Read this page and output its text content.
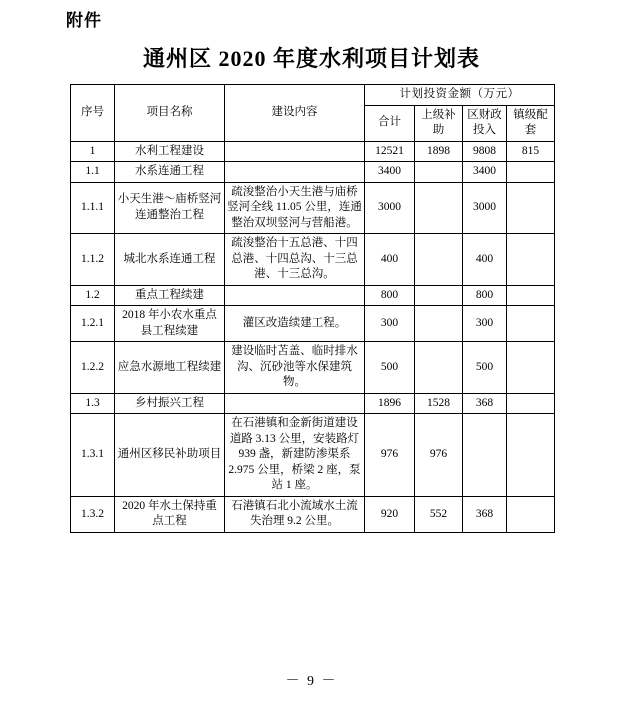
附件
通州区 2020 年度水利项目计划表
序号	项目名称	建设内容	计划投资金额（万元）			
			合计	上级补助	区财政投入	镇级配套
1	水利工程建设		12521	1898	9808	815
1.1	水系连通工程		3400		3400	
1.1.1	小天生港～庙桥竖河连通整治工程	疏浚整治小天生港与庙桥竖河全线 11.05 公里，连通整治双坝竖河与营船港。	3000		3000	
1.1.2	城北水系连通工程	疏浚整治十五总港、十四总港、十四总沟、十三总港、十三总沟。	400		400	
1.2	重点工程续建		800		800	
1.2.1	2018 年小农水重点县工程续建	灌区改造续建工程。	300		300	
1.2.2	应急水源地工程续建	建设临时苫盖、临时排水沟、沉砂池等水保建筑物。	500		500	
1.3	乡村振兴工程		1896	1528	368	
1.3.1	通州区移民补助项目	在石港镇和金新街道建设道路 3.13 公里，安装路灯 939 盏，新建防渗渠系 2.975 公里，桥梁 2 座，泵站 1 座。	976	976		
1.3.2	2020 年水土保持重点工程	石港镇石北小流域水土流失治理 9.2 公里。	920	552	368	
－ 9 －
